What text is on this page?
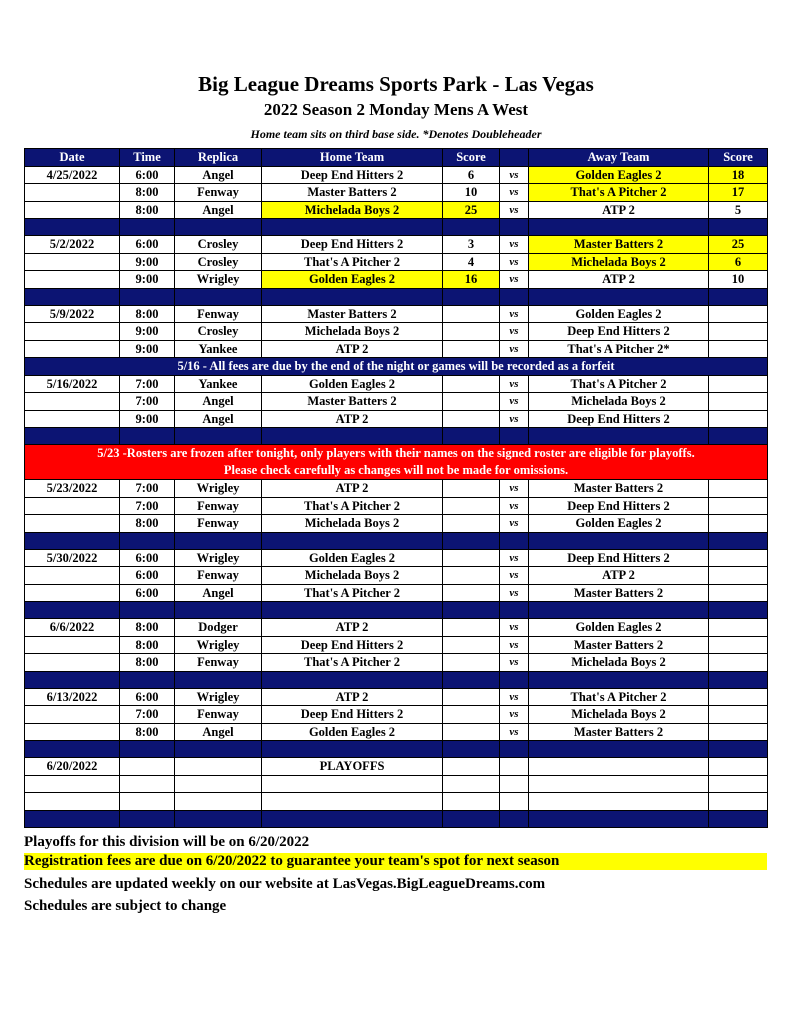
Big League Dreams Sports Park - Las Vegas
2022 Season 2 Monday Mens A West
Home team sits on third base side. *Denotes Doubleheader
Date	Time	Replica	Home Team	Score		Away Team	Score
4/25/2022	6:00	Angel	Deep End Hitters 2	6	vs	Golden Eagles 2	18
	8:00	Fenway	Master Batters 2	10	vs	That's A Pitcher 2	17
	8:00	Angel	Michelada Boys 2	25	vs	ATP 2	5

5/2/2022	6:00	Crosley	Deep End Hitters 2	3	vs	Master Batters 2	25
	9:00	Crosley	That's A Pitcher 2	4	vs	Michelada Boys 2	6
	9:00	Wrigley	Golden Eagles 2	16	vs	ATP 2	10

5/9/2022	8:00	Fenway	Master Batters 2		vs	Golden Eagles 2	
	9:00	Crosley	Michelada Boys 2		vs	Deep End Hitters 2	
	9:00	Yankee	ATP 2		vs	That's A Pitcher 2*	

5/16 - All fees are due by the end of the night or games will be recorded as a forfeit							

5/16/2022	7:00	Yankee	Golden Eagles 2		vs	That's A Pitcher 2	
	7:00	Angel	Master Batters 2		vs	Michelada Boys 2	
	9:00	Angel	ATP 2		vs	Deep End Hitters 2	

5/23 -Rosters are frozen after tonight, only players with their names on the signed roster are eligible for playoffs.
Please check carefully as changes will not be made for omissions.							

5/23/2022	7:00	Wrigley	ATP 2		vs	Master Batters 2	
	7:00	Fenway	That's A Pitcher 2		vs	Deep End Hitters 2	
	8:00	Fenway	Michelada Boys 2		vs	Golden Eagles 2	

5/30/2022	6:00	Wrigley	Golden Eagles 2		vs	Deep End Hitters 2	
	6:00	Fenway	Michelada Boys 2		vs	ATP 2	
	6:00	Angel	That's A Pitcher 2		vs	Master Batters 2	

6/6/2022	8:00	Dodger	ATP 2		vs	Golden Eagles 2	
	8:00	Wrigley	Deep End Hitters 2		vs	Master Batters 2	
	8:00	Fenway	That's A Pitcher 2		vs	Michelada Boys 2	

6/13/2022	6:00	Wrigley	ATP 2		vs	That's A Pitcher 2	
	7:00	Fenway	Deep End Hitters 2		vs	Michelada Boys 2	
	8:00	Angel	Golden Eagles 2		vs	Master Batters 2	

6/20/2022			PLAYOFFS				

Playoffs for this division will be on 6/20/2022
Registration fees are due on 6/20/2022 to guarantee your team's spot for next season
Schedules are updated weekly on our website at LasVegas.BigLeagueDreams.com
Schedules are subject to change
